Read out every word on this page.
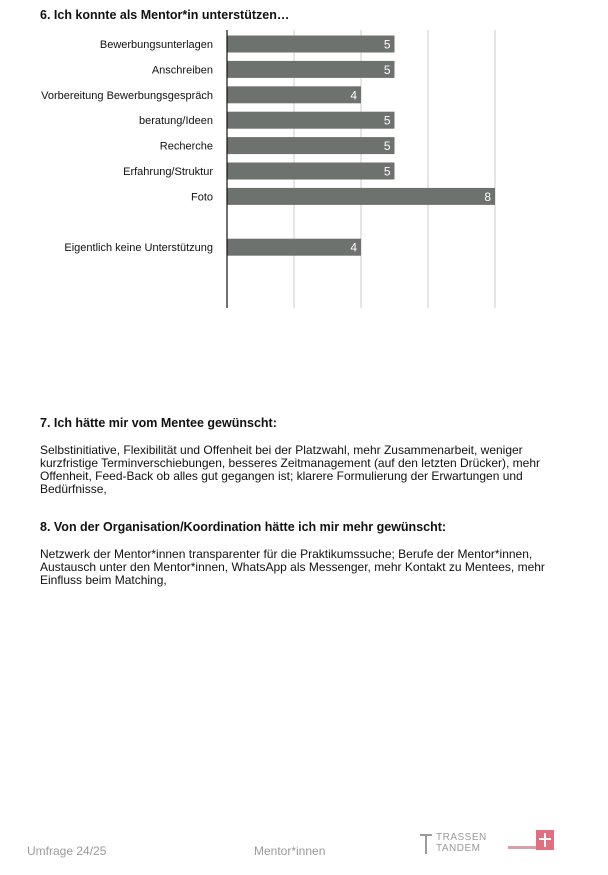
6. Ich konnte als Mentor*in unterstützen…
Bewerbungsunterlagen	5
Anschreiben	5
Vorbereitung Bewerbungsgespräch	4
beratung/Ideen	5
Recherche	5
Erfahrung/Struktur	5
Foto	8
Eigentlich keine Unterstützung	4
7. Ich hätte mir vom Mentee gewünscht:
Selbstinitiative, Flexibilität und Offenheit bei der Platzwahl, mehr Zusammenarbeit, weniger kurzfristige Terminverschiebungen, besseres Zeitmanagement (auf den letzten Drücker), mehr Offenheit, Feed-Back ob alles gut gegangen ist; klarere Formulierung der Erwartungen und Bedürfnisse,
8. Von der Organisation/Koordination hätte ich mir mehr gewünscht:
Netzwerk der Mentor*innen transparenter für die Praktikumssuche; Berufe der Mentor*innen, Austausch unter den Mentor*innen, WhatsApp als Messenger, mehr Kontakt zu Mentees, mehr Einfluss beim Matching,
Umfrage 24/25	Mentor*innen
TRASSEN
TANDEM
